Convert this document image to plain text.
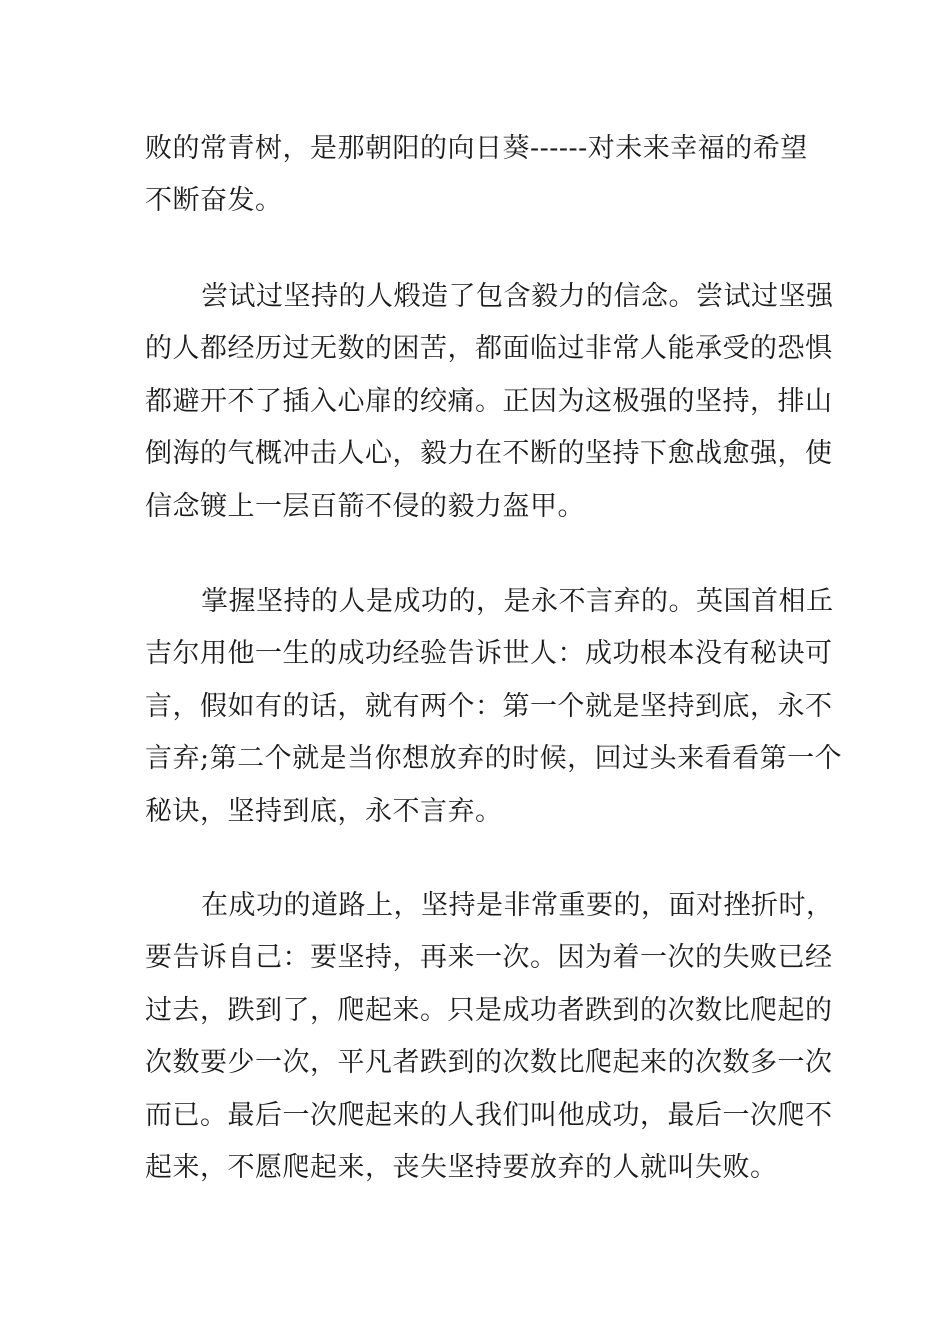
败的常青树，是那朝阳的向日葵------对未来幸福的希望
不断奋发。
尝试过坚持的人煅造了包含毅力的信念。尝试过坚强
的人都经历过无数的困苦，都面临过非常人能承受的恐惧
都避开不了插入心扉的绞痛。正因为这极强的坚持，排山
倒海的气概冲击人心，毅力在不断的坚持下愈战愈强，使
信念镀上一层百箭不侵的毅力盔甲。
掌握坚持的人是成功的，是永不言弃的。英国首相丘
吉尔用他一生的成功经验告诉世人：成功根本没有秘诀可
言，假如有的话，就有两个：第一个就是坚持到底，永不
言弃;第二个就是当你想放弃的时候，回过头来看看第一个
秘诀，坚持到底，永不言弃。
在成功的道路上，坚持是非常重要的，面对挫折时，
要告诉自己：要坚持，再来一次。因为着一次的失败已经
过去，跌到了，爬起来。只是成功者跌到的次数比爬起的
次数要少一次，平凡者跌到的次数比爬起来的次数多一次
而已。最后一次爬起来的人我们叫他成功，最后一次爬不
起来，不愿爬起来，丧失坚持要放弃的人就叫失败。
